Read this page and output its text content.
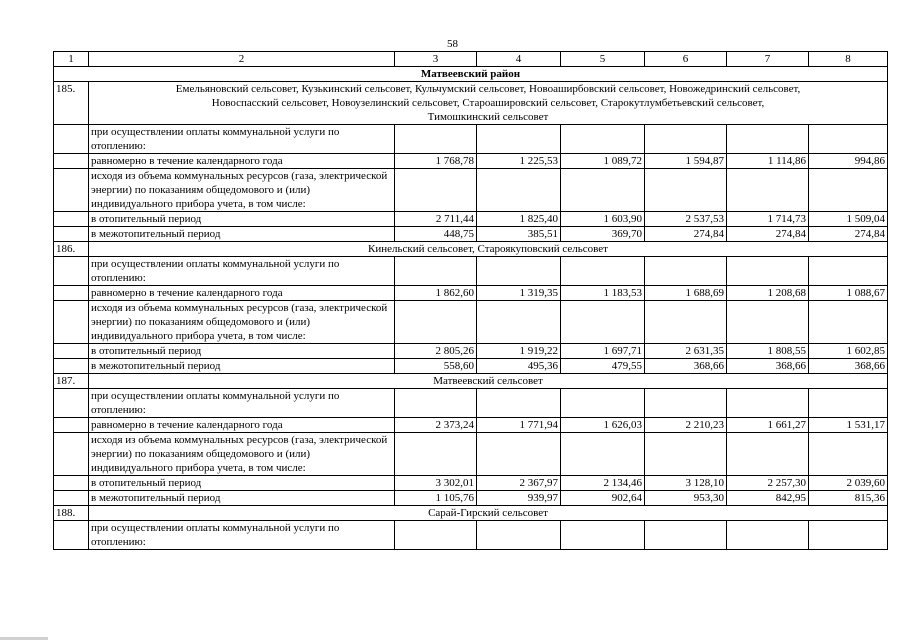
58
1	2	3	4	5	6	7	8
Матвеевский район							
185.	Емельяновский сельсовет, Кузькинский сельсовет, Кульчумский сельсовет, Новоаширбовский сельсовет, Новожедринский сельсовет,
Новоспасский сельсовет, Новоузелинский сельсовет, Староашировский сельсовет, Старокутлумбетьевский сельсовет,
Тимошкинский сельсовет						

	при осуществлении оплаты коммунальной услуги по отоплению:						
	равномерно в течение календарного года	1 768,78	1 225,53	1 089,72	1 594,87	1 114,86	994,86
	исходя из объема коммунальных ресурсов (газа, электрической энергии) по показаниям общедомового и (или) индивидуального прибора учета, в том числе:						
	в отопительный период	2 711,44	1 825,40	1 603,90	2 537,53	1 714,73	1 509,04
	в межотопительный период	448,75	385,51	369,70	274,84	274,84	274,84
186.	Кинельский сельсовет, Староякуповский сельсовет						

	при осуществлении оплаты коммунальной услуги по отоплению:						
	равномерно в течение календарного года	1 862,60	1 319,35	1 183,53	1 688,69	1 208,68	1 088,67
	исходя из объема коммунальных ресурсов (газа, электрической энергии) по показаниям общедомового и (или) индивидуального прибора учета, в том числе:						
	в отопительный период	2 805,26	1 919,22	1 697,71	2 631,35	1 808,55	1 602,85
	в межотопительный период	558,60	495,36	479,55	368,66	368,66	368,66
187.	Матвеевский сельсовет						

	при осуществлении оплаты коммунальной услуги по отоплению:						
	равномерно в течение календарного года	2 373,24	1 771,94	1 626,03	2 210,23	1 661,27	1 531,17
	исходя из объема коммунальных ресурсов (газа, электрической энергии) по показаниям общедомового и (или) индивидуального прибора учета, в том числе:						
	в отопительный период	3 302,01	2 367,97	2 134,46	3 128,10	2 257,30	2 039,60
	в межотопительный период	1 105,76	939,97	902,64	953,30	842,95	815,36
188.	Сарай-Гирский сельсовет						

	при осуществлении оплаты коммунальной услуги по отоплению:						
